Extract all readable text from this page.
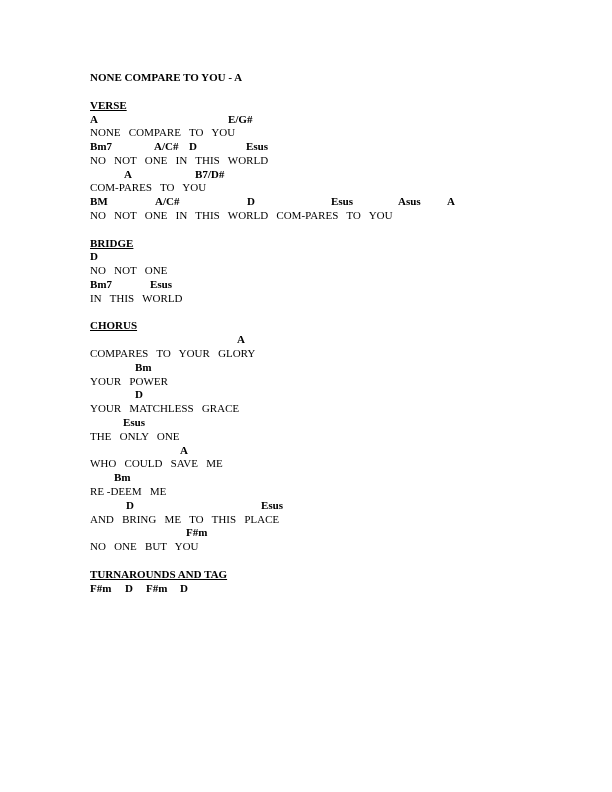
NONE COMPARE TO YOU - A
VERSE
A	E/G#
NONE   COMPARE   TO   YOU
Bm7	A/C# D	Esus
NO   NOT   ONE   IN   THIS   WORLD
A	B7/D#
COM-PARES   TO   YOU
BM	A/C#	D	Esus	Asus A
NO   NOT   ONE   IN   THIS   WORLD   COM-PARES   TO   YOU
BRIDGE
D
NO   NOT   ONE
Bm7	Esus
IN   THIS   WORLD
CHORUS
A
COMPARES   TO   YOUR   GLORY
Bm
YOUR   POWER
D
YOUR   MATCHLESS   GRACE
Esus
THE   ONLY   ONE
A
WHO   COULD   SAVE   ME
Bm
RE -DEEM   ME
D	Esus
AND   BRING   ME   TO   THIS   PLACE
F#m
NO   ONE   BUT   YOU
TURNAROUNDS AND TAG
F#m D F#m D
